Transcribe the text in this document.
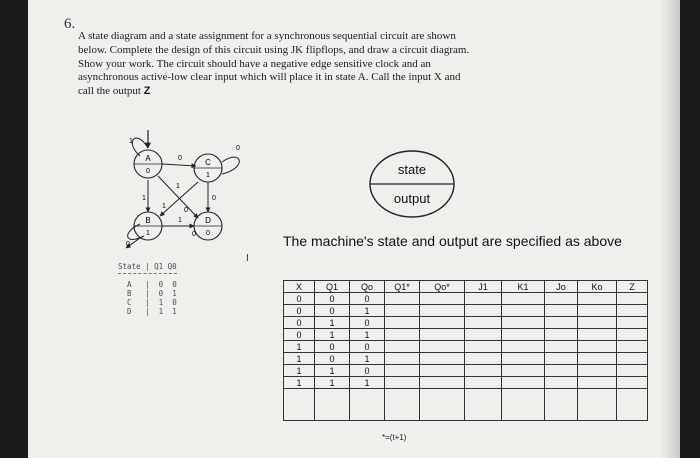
6.

A state diagram and a state assignment for a synchronous sequential circuit are shown
below. Complete the design of this circuit using JK flipflops, and draw a circuit diagram.
Show your work. The circuit should have a negative edge sensitive clock and an
asynchronous active-low clear input which will place it in state A. Call the input X and
call the output Z

A
0
C
1
B
1
D
0
1
0
0
1
0
1
1
0
1
0
0
state
output
The machine's state and output are specified as above
I
State | Q1 Q0
A   |  0 0
B   |  0 1
C   |  1 0
D   |  1 1
X	Q1	Qo	Q1*	Qo*	J1	K1	Jo	Ko	Z
0	0	0							
0	0	1							
0	1	0							
0	1	1							
1	0	0							
1	0	1							
1	1	0							
1	1	1							

*=(t+1)
